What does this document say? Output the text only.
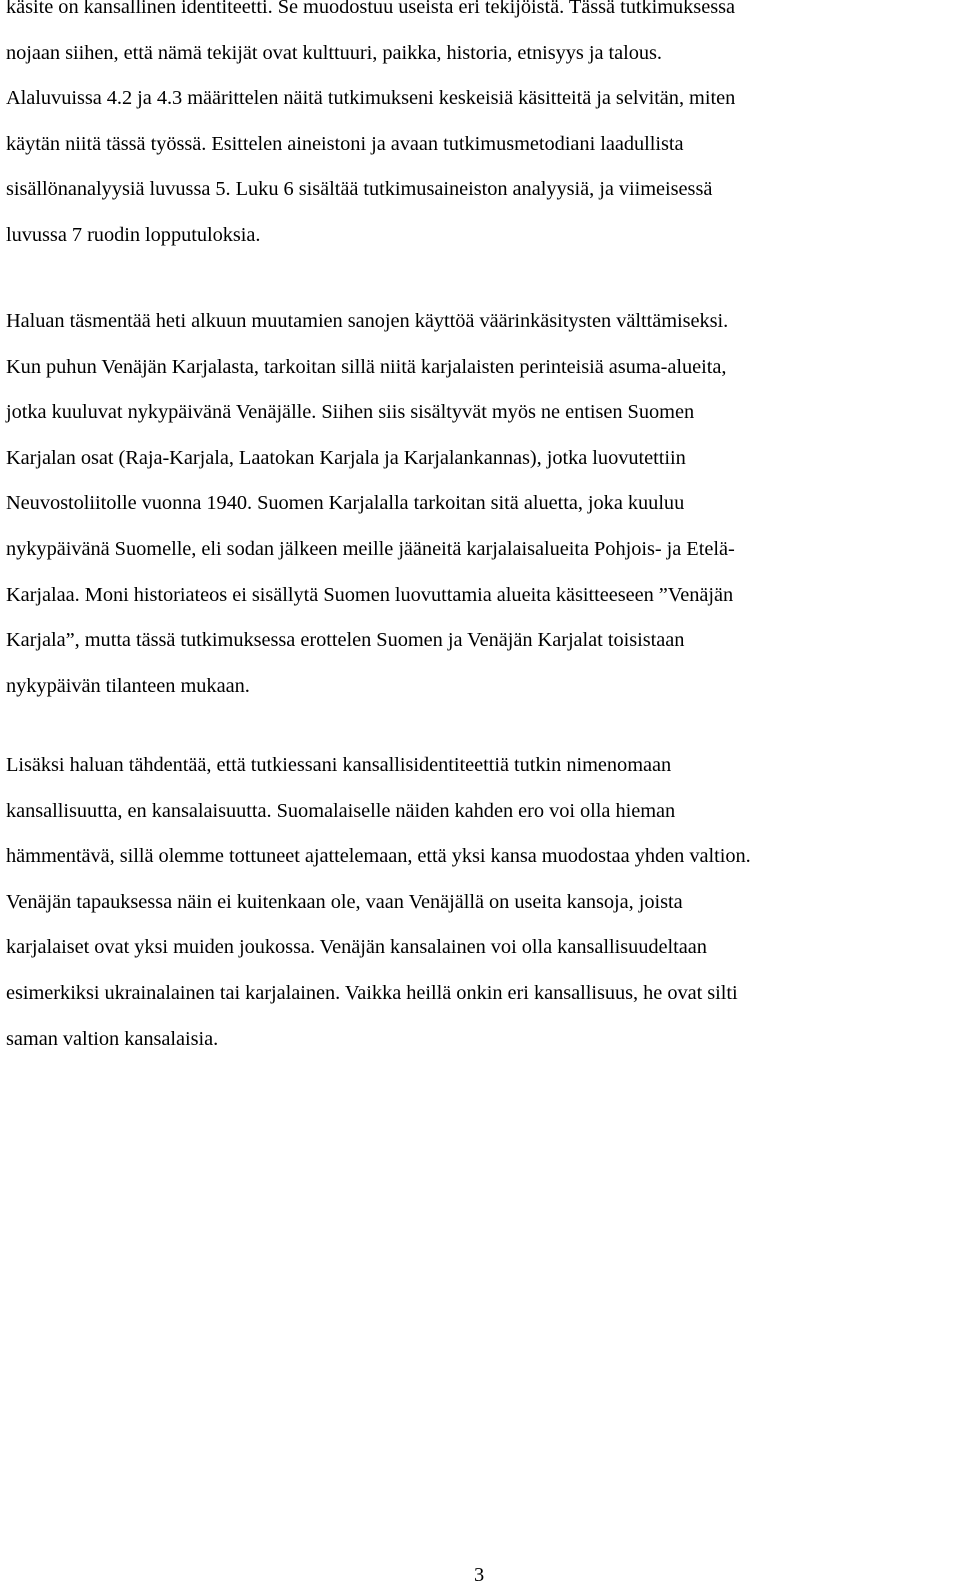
käsite on kansallinen identiteetti. Se muodostuu useista eri tekijöistä. Tässä tutkimuksessa
nojaan siihen, että nämä tekijät ovat kulttuuri, paikka, historia, etnisyys ja talous.
Alaluvuissa 4.2 ja 4.3 määrittelen näitä tutkimukseni keskeisiä käsitteitä ja selvitän, miten
käytän niitä tässä työssä. Esittelen aineistoni ja avaan tutkimusmetodiani laadullista
sisällönanalyysiä luvussa 5. Luku 6 sisältää tutkimusaineiston analyysiä, ja viimeisessä
luvussa 7 ruodin lopputuloksia.

Haluan täsmentää heti alkuun muutamien sanojen käyttöä väärinkäsitysten välttämiseksi.
Kun puhun Venäjän Karjalasta, tarkoitan sillä niitä karjalaisten perinteisiä asuma-alueita,
jotka kuuluvat nykypäivänä Venäjälle. Siihen siis sisältyvät myös ne entisen Suomen
Karjalan osat (Raja-Karjala, Laatokan Karjala ja Karjalankannas), jotka luovutettiin
Neuvostoliitolle vuonna 1940. Suomen Karjalalla tarkoitan sitä aluetta, joka kuuluu
nykypäivänä Suomelle, eli sodan jälkeen meille jääneitä karjalaisalueita Pohjois- ja Etelä-
Karjalaa. Moni historiateos ei sisällytä Suomen luovuttamia alueita käsitteeseen ”Venäjän
Karjala”, mutta tässä tutkimuksessa erottelen Suomen ja Venäjän Karjalat toisistaan
nykypäivän tilanteen mukaan.

Lisäksi haluan tähdentää, että tutkiessani kansallisidentiteettiä tutkin nimenomaan
kansallisuutta, en kansalaisuutta. Suomalaiselle näiden kahden ero voi olla hieman
hämmentävä, sillä olemme tottuneet ajattelemaan, että yksi kansa muodostaa yhden valtion.
Venäjän tapauksessa näin ei kuitenkaan ole, vaan Venäjällä on useita kansoja, joista
karjalaiset ovat yksi muiden joukossa. Venäjän kansalainen voi olla kansallisuudeltaan
esimerkiksi ukrainalainen tai karjalainen. Vaikka heillä onkin eri kansallisuus, he ovat silti
saman valtion kansalaisia.

3
